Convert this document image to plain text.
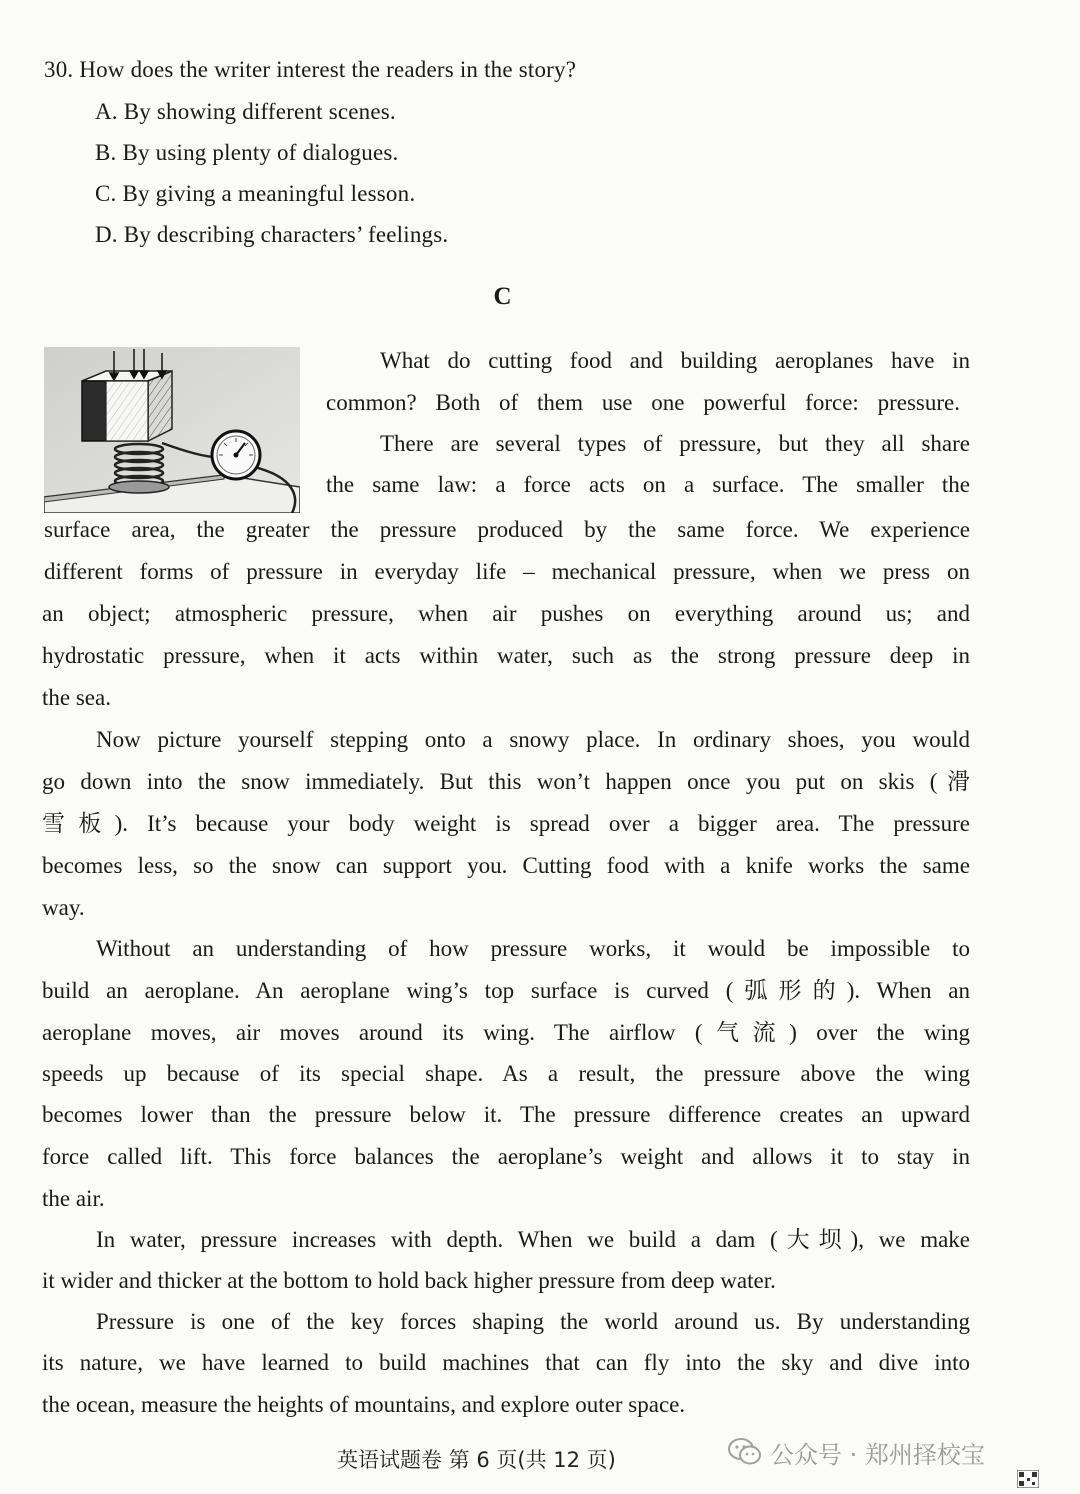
30. How does the writer interest the readers in the story?
A. By showing different scenes.
B. By using plenty of dialogues.
C. By giving a meaningful lesson.
D. By describing characters’ feelings.
C
What do cutting food and building aeroplanes have in
common? Both of them use one powerful force: pressure.
There are several types of pressure, but they all share
the same law: a force acts on a surface. The smaller the
surface area, the greater the pressure produced by the same force. We experience
different forms of pressure in everyday life – mechanical pressure, when we press on
an object; atmospheric pressure, when air pushes on everything around us; and
hydrostatic pressure, when it acts within water, such as the strong pressure deep in
the sea.
Now picture yourself stepping onto a snowy place. In ordinary shoes, you would
go down into the snow immediately. But this won’t happen once you put on skis (滑
雪板). It’s because your body weight is spread over a bigger area. The pressure
becomes less, so the snow can support you. Cutting food with a knife works the same
way.
Without an understanding of how pressure works, it would be impossible to
build an aeroplane. An aeroplane wing’s top surface is curved (弧形的). When an
aeroplane moves, air moves around its wing. The airflow (气流) over the wing
speeds up because of its special shape. As a result, the pressure above the wing
becomes lower than the pressure below it. The pressure difference creates an upward
force called lift. This force balances the aeroplane’s weight and allows it to stay in
the air.
In water, pressure increases with depth. When we build a dam (大坝), we make
it wider and thicker at the bottom to hold back higher pressure from deep water.
Pressure is one of the key forces shaping the world around us. By understanding
its nature, we have learned to build machines that can fly into the sky and dive into
the ocean, measure the heights of mountains, and explore outer space.
英语试题卷 第 6 页(共 12 页)	公众号 · 郑州择校宝
